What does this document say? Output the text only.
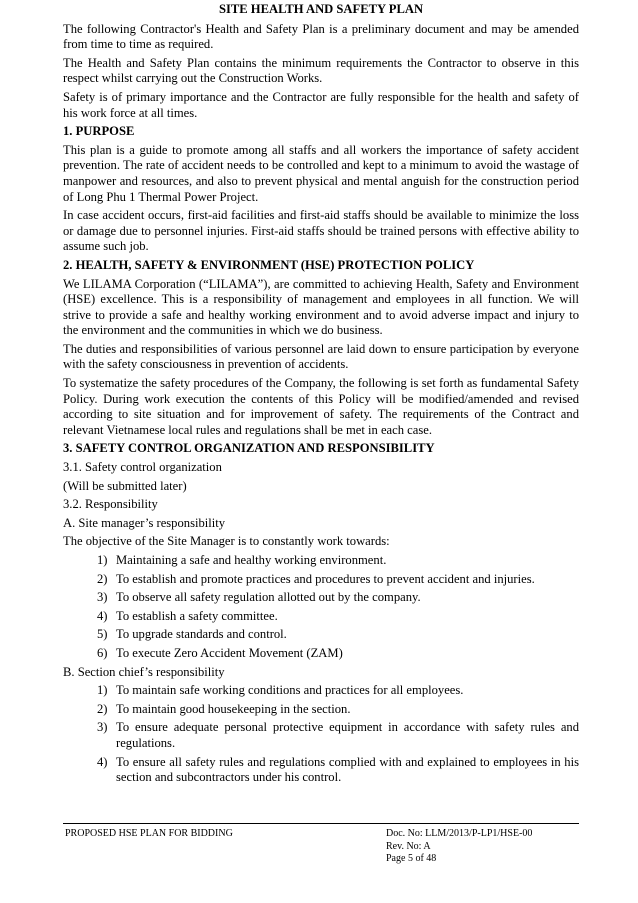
SITE HEALTH AND SAFETY PLAN

The following Contractor's Health and Safety Plan is a preliminary document and may be amended from time to time as required.

The Health and Safety Plan contains the minimum requirements the Contractor to observe in this respect whilst carrying out the Construction Works.

Safety is of primary importance and the Contractor are fully responsible for the health and safety of his work force at all times.

1. PURPOSE

This plan is a guide to promote among all staffs and all workers the importance of safety accident prevention. The rate of accident needs to be controlled and kept to a minimum to avoid the wastage of manpower and resources, and also to prevent physical and mental anguish for the construction period of Long Phu 1 Thermal Power Project.

In case accident occurs, first-aid facilities and first-aid staffs should be available to minimize the loss or damage due to personnel injuries. First-aid staffs should be trained persons with effective ability to assume such job.

2. HEALTH, SAFETY & ENVIRONMENT (HSE) PROTECTION POLICY

We LILAMA Corporation (“LILAMA”), are committed to achieving Health, Safety and Environment (HSE) excellence. This is a responsibility of management and employees in all function. We will strive to provide a safe and healthy working environment and to avoid adverse impact and injury to the environment and the communities in which we do business.

The duties and responsibilities of various personnel are laid down to ensure participation by everyone with the safety consciousness in prevention of accidents.

To systematize the safety procedures of the Company, the following is set forth as fundamental Safety Policy. During work execution the contents of this Policy will be modified/amended and revised according to site situation and for improvement of safety. The requirements of the Contract and relevant Vietnamese local rules and regulations shall be met in each case.

3. SAFETY CONTROL ORGANIZATION AND RESPONSIBILITY

3.1. Safety control organization

(Will be submitted later)

3.2. Responsibility

A. Site manager’s responsibility

The objective of the Site Manager is to constantly work towards:

1) Maintaining a safe and healthy working environment.
2) To establish and promote practices and procedures to prevent accident and injuries.
3) To observe all safety regulation allotted out by the company.
4) To establish a safety committee.
5) To upgrade standards and control.
6) To execute Zero Accident Movement (ZAM)

B. Section chief’s responsibility

1) To maintain safe working conditions and practices for all employees.
2) To maintain good housekeeping in the section.
3) To ensure adequate personal protective equipment in accordance with safety rules and regulations.
4) To ensure all safety rules and regulations complied with and explained to employees in his section and subcontractors under his control.
PROPOSED HSE PLAN FOR BIDDING	Doc. No: LLM/2013/P-LP1/HSE-00
Rev. No: A
Page 5 of 48
